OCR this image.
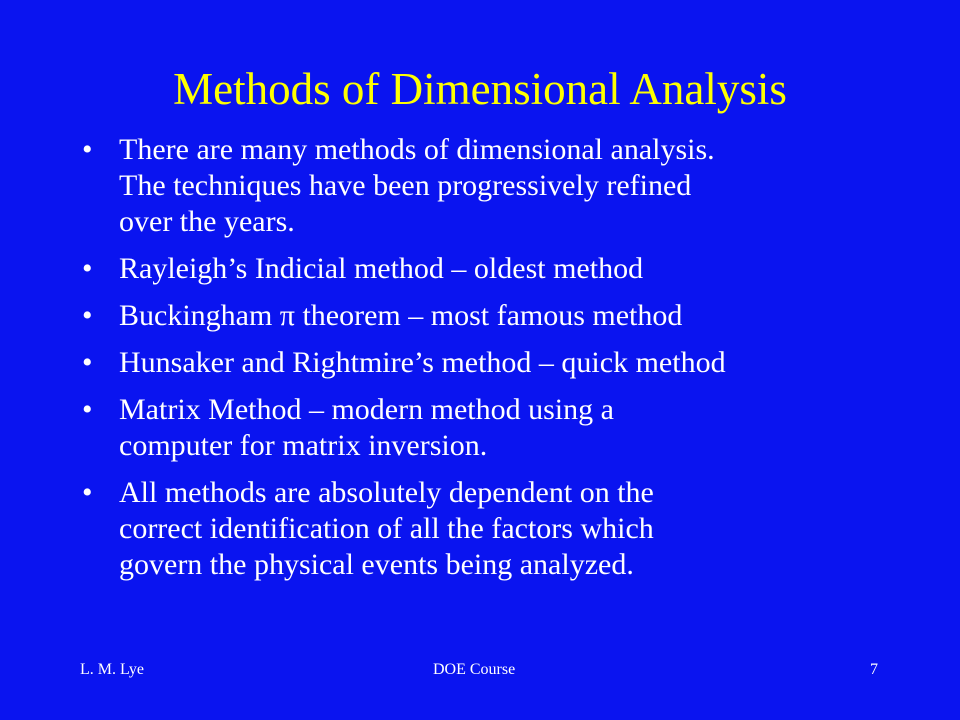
Methods of Dimensional Analysis
• There are many methods of dimensional analysis.
The techniques have been progressively refined
over the years.
• Rayleigh’s Indicial method – oldest method
• Buckingham π theorem – most famous method
• Hunsaker and Rightmire’s method – quick method
• Matrix Method – modern method using a
computer for matrix inversion.
• All methods are absolutely dependent on the
correct identification of all the factors which
govern the physical events being analyzed.
L. M. Lye	DOE Course	7
